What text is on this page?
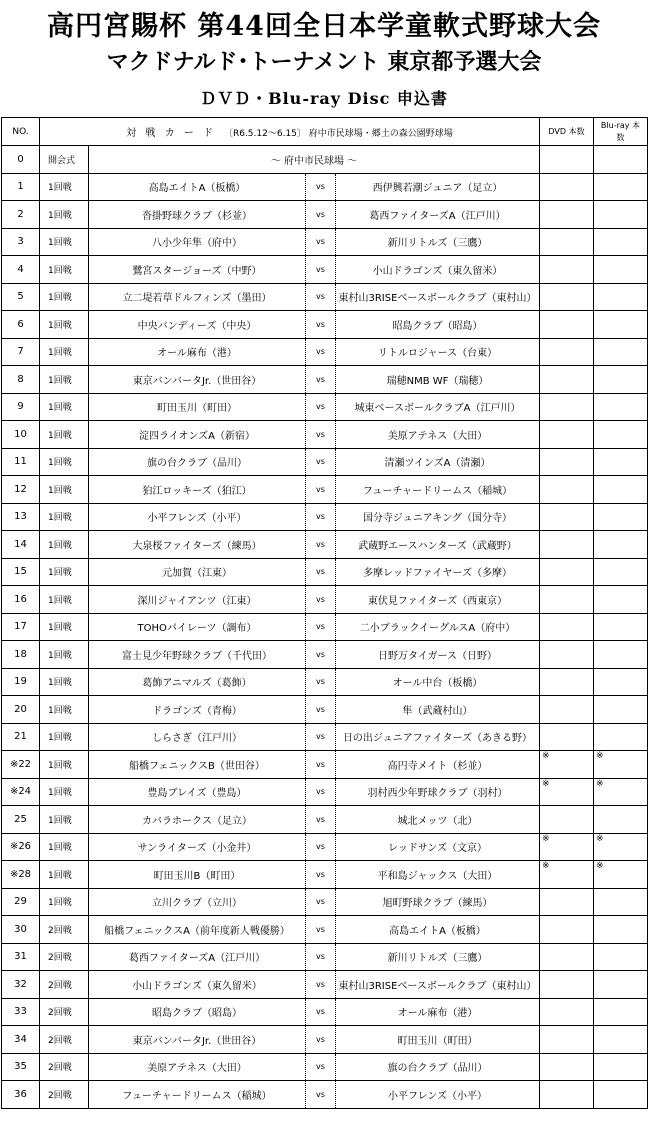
高円宮賜杯 第44回全日本学童軟式野球大会
マクドナルド･トーナメント 東京都予選大会
ＤＶＤ・Blu-ray Disc 申込書
NO.	対 戦 カ ー ド 〔R6.5.12～6.15〕 府中市民球場・郷土の森公園野球場				DVD 本数	Blu-ray 本数
0	開会式	～ 府中市民球場 ～				
1	1回戦	高島エイトA（板橋）	vs	西伊興若潮ジュニア（足立）		
2	1回戦	沓掛野球クラブ（杉並）	vs	葛西ファイターズA（江戸川）		
3	1回戦	八小少年隼（府中）	vs	新川リトルズ（三鷹）		
4	1回戦	鷺宮スタージョーズ（中野）	vs	小山ドラゴンズ（東久留米）		
5	1回戦	立二堤若草ドルフィンズ（墨田）	vs	東村山3RISEベースボールクラブ（東村山）		
6	1回戦	中央バンディーズ（中央）	vs	昭島クラブ（昭島）		
7	1回戦	オール麻布（港）	vs	リトルロジャース（台東）		
8	1回戦	東京バンバータJr.（世田谷）	vs	瑞穂NMB WF（瑞穂）		
9	1回戦	町田玉川（町田）	vs	城東ベースボールクラブA（江戸川）		
10	1回戦	淀四ライオンズA（新宿）	vs	美原アテネス（大田）		
11	1回戦	旗の台クラブ（品川）	vs	清瀬ツインズA（清瀬）		
12	1回戦	狛江ロッキーズ（狛江）	vs	フューチャードリームス（稲城）		
13	1回戦	小平フレンズ（小平）	vs	国分寺ジュニアキング（国分寺）		
14	1回戦	大泉桜ファイターズ（練馬）	vs	武蔵野エースハンターズ（武蔵野）		
15	1回戦	元加賀（江東）	vs	多摩レッドファイヤーズ（多摩）		
16	1回戦	深川ジャイアンツ（江東）	vs	東伏見ファイターズ（西東京）		
17	1回戦	TOHOパイレーツ（調布）	vs	二小ブラックイーグルスA（府中）		
18	1回戦	富士見少年野球クラブ（千代田）	vs	日野万タイガース（日野）		
19	1回戦	葛飾アニマルズ（葛飾）	vs	オール中台（板橋）		
20	1回戦	ドラゴンズ（青梅）	vs	隼（武蔵村山）		
21	1回戦	しらさぎ（江戸川）	vs	日の出ジュニアファイターズ（あきる野）		
※22	1回戦	船橋フェニックスB（世田谷）	vs	高円寺メイト（杉並）	※	※
※24	1回戦	豊島ブレイズ（豊島）	vs	羽村西少年野球クラブ（羽村）	※	※
25	1回戦	カバラホークス（足立）	vs	城北メッツ（北）		
※26	1回戦	サンライターズ（小金井）	vs	レッドサンズ（文京）	※	※
※28	1回戦	町田玉川B（町田）	vs	平和島ジャックス（大田）	※	※
29	1回戦	立川クラブ（立川）	vs	旭町野球クラブ（練馬）		
30	2回戦	船橋フェニックスA（前年度新人戦優勝）	vs	高島エイトA（板橋）		
31	2回戦	葛西ファイターズA（江戸川）	vs	新川リトルズ（三鷹）		
32	2回戦	小山ドラゴンズ（東久留米）	vs	東村山3RISEベースボールクラブ（東村山）		
33	2回戦	昭島クラブ（昭島）	vs	オール麻布（港）		
34	2回戦	東京バンバータJr.（世田谷）	vs	町田玉川（町田）		
35	2回戦	美原アテネス（大田）	vs	旗の台クラブ（品川）		
36	2回戦	フューチャードリームス（稲城）	vs	小平フレンズ（小平）		
